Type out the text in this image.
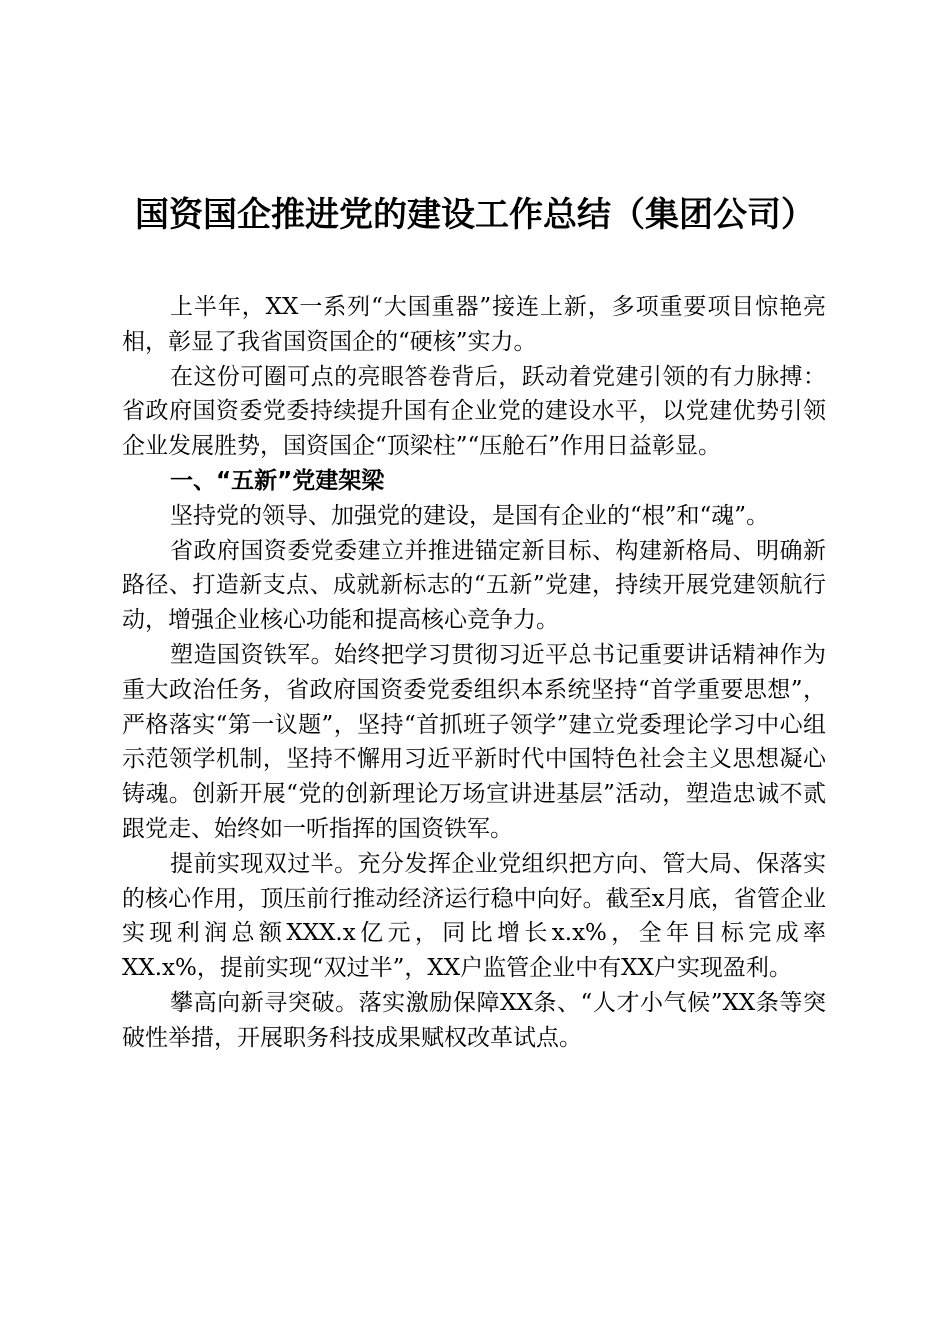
国资国企推进党的建设工作总结（集团公司）

上半年，XX一系列“大国重器”接连上新，多项重要项目惊艳亮相，彰显了我省国资国企的“硬核”实力。

在这份可圈可点的亮眼答卷背后，跃动着党建引领的有力脉搏：省政府国资委党委持续提升国有企业党的建设水平，以党建优势引领企业发展胜势，国资国企“顶梁柱”“压舱石”作用日益彰显。

一、“五新”党建架梁

坚持党的领导、加强党的建设，是国有企业的“根”和“魂”。

省政府国资委党委建立并推进锚定新目标、构建新格局、明确新路径、打造新支点、成就新标志的“五新”党建，持续开展党建领航行动，增强企业核心功能和提高核心竞争力。

塑造国资铁军。始终把学习贯彻习近平总书记重要讲话精神作为重大政治任务，省政府国资委党委组织本系统坚持“首学重要思想”，严格落实“第一议题”，坚持“首抓班子领学”建立党委理论学习中心组示范领学机制，坚持不懈用习近平新时代中国特色社会主义思想凝心铸魂。创新开展“党的创新理论万场宣讲进基层”活动，塑造忠诚不贰跟党走、始终如一听指挥的国资铁军。

提前实现双过半。充分发挥企业党组织把方向、管大局、保落实的核心作用，顶压前行推动经济运行稳中向好。截至x月底，省管企业实现利润总额XXX.x亿元，同比增长x.x%，全年目标完成率XX.x%，提前实现“双过半”，XX户监管企业中有XX户实现盈利。

攀高向新寻突破。落实激励保障XX条、“人才小气候”XX条等突破性举措，开展职务科技成果赋权改革试点。
